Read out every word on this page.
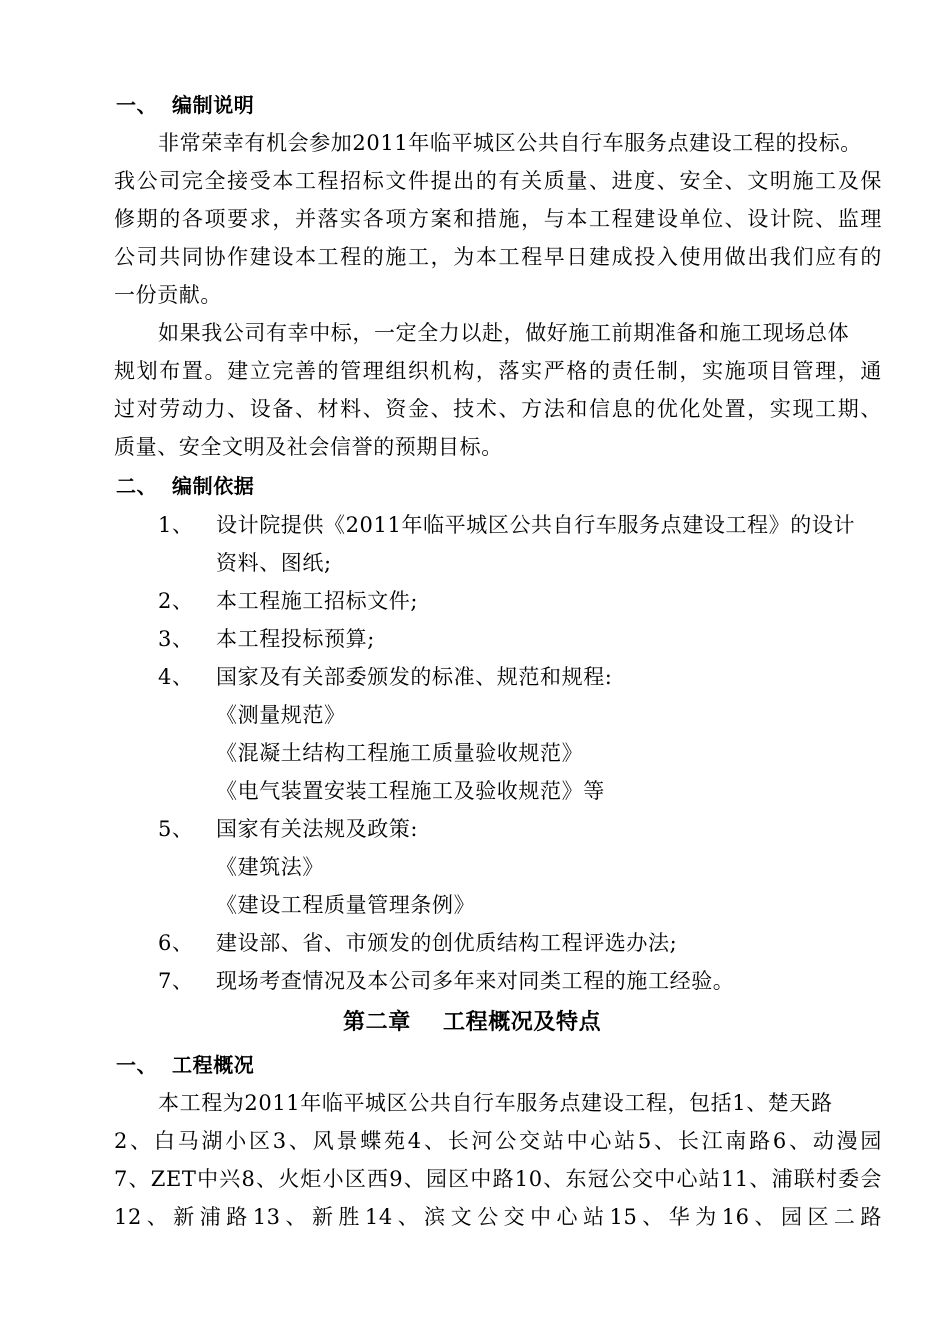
一、 编制说明
非常荣幸有机会参加2011年临平城区公共自行车服务点建设工程的投标。
我公司完全接受本工程招标文件提出的有关质量、进度、安全、文明施工及保
修期的各项要求，并落实各项方案和措施，与本工程建设单位、设计院、监理
公司共同协作建设本工程的施工，为本工程早日建成投入使用做出我们应有的
一份贡献。
如果我公司有幸中标，一定全力以赴，做好施工前期准备和施工现场总体
规划布置。建立完善的管理组织机构，落实严格的责任制，实施项目管理，通
过对劳动力、设备、材料、资金、技术、方法和信息的优化处置，实现工期、
质量、安全文明及社会信誉的预期目标。
二、 编制依据
1、 设计院提供《2011年临平城区公共自行车服务点建设工程》的设计
资料、图纸;
2、 本工程施工招标文件;
3、 本工程投标预算;
4、 国家及有关部委颁发的标准、规范和规程:
《测量规范》
《混凝土结构工程施工质量验收规范》
《电气装置安装工程施工及验收规范》等
5、 国家有关法规及政策:
《建筑法》
《建设工程质量管理条例》
6、 建设部、省、市颁发的创优质结构工程评选办法;
7、 现场考查情况及本公司多年来对同类工程的施工经验。
第二章 工程概况及特点
一、 工程概况
本工程为2011年临平城区公共自行车服务点建设工程，包括1、楚天路
2、白马湖小区3、风景蝶苑4、长河公交站中心站5、长江南路6、动漫园
7、ZET中兴8、火炬小区西9、园区中路10、东冠公交中心站11、浦联村委会
12、新浦路13、新胜14、滨文公交中心站15、华为16、园区二路
